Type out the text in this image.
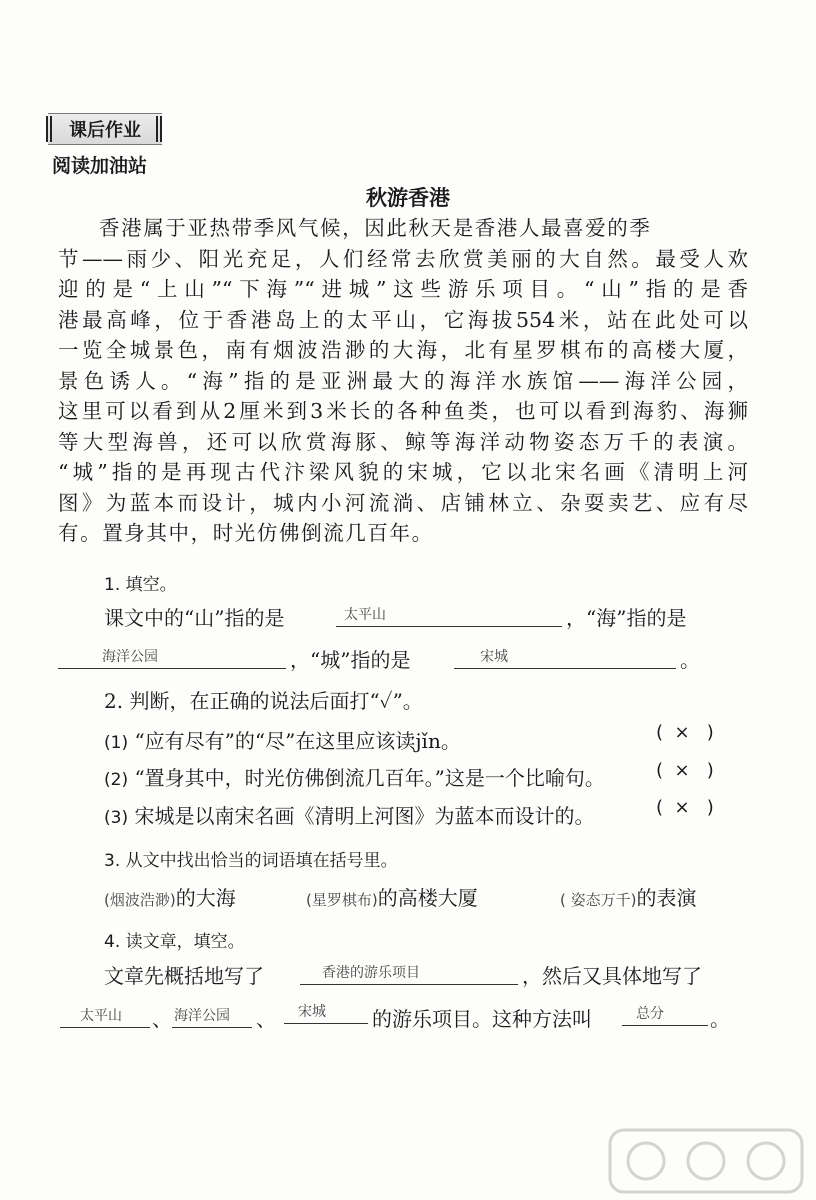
课后作业
阅读加油站
秋游香港
香港属于亚热带季风气候，因此秋天是香港人最喜爱的季
节——雨少、阳光充足，人们经常去欣赏美丽的大自然。最受人欢
迎的是“上山”“下海”“进城”这些游乐项目。“山”指的是香
港最高峰，位于香港岛上的太平山，它海拔554米，站在此处可以
一览全城景色，南有烟波浩渺的大海，北有星罗棋布的高楼大厦，
景色诱人。“海”指的是亚洲最大的海洋水族馆——海洋公园，
这里可以看到从2厘米到3米长的各种鱼类，也可以看到海豹、海狮
等大型海兽，还可以欣赏海豚、鲸等海洋动物姿态万千的表演。
“城”指的是再现古代汴梁风貌的宋城，它以北宋名画《清明上河
图》为蓝本而设计，城内小河流淌、店铺林立、杂耍卖艺、应有尽
有。置身其中，时光仿佛倒流几百年。
1. 填空。
课文中的“山”指的是	太平山	，“海”指的是
海洋公园	，“城”指的是	宋城	。
2. 判断，在正确的说法后面打“✓”。
(1) “应有尽有”的“尽”在这里应该读jǐn。	(  ×   )
(2) “置身其中，时光仿佛倒流几百年。”这是一个比喻句。	(  ×   )
(3) 宋城是以南宋名画《清明上河图》为蓝本而设计的。	(  ×   )
3. 从文中找出恰当的词语填在括号里。
(烟波浩渺)的大海	(星罗棋布)的高楼大厦	( 姿态万千)的表演
4. 读文章，填空。
文章先概括地写了	香港的游乐项目	，然后又具体地写了
太平山	、 海洋公园	、	宋城	的游乐项目。这种方法叫	总分	。
